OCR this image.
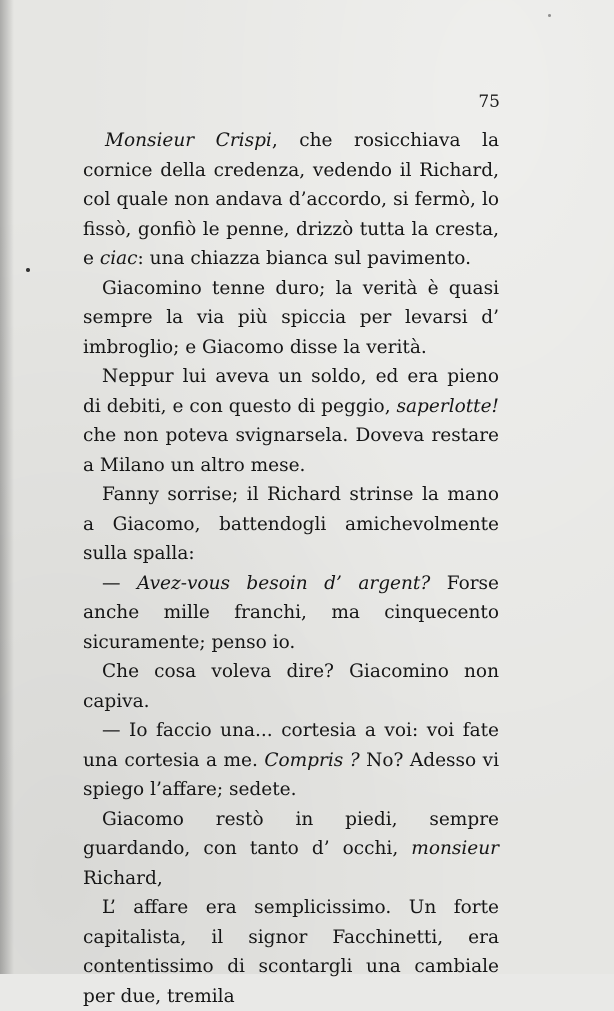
75

Monsieur Crispi, che rosicchiava la cornice della credenza, vedendo il Richard, col quale non andava d’accordo, si fermò, lo fissò, gonfiò le penne, drizzò tutta la cresta, e ciac: una chiazza bianca sul pavimento.

Giacomino tenne duro; la verità è quasi sempre la via più spiccia per levarsi d’ imbroglio; e Giacomo disse la verità.

Neppur lui aveva un soldo, ed era pieno di debiti, e con questo di peggio, saperlotte! che non poteva svignarsela. Doveva restare a Milano un altro mese.

Fanny sorrise; il Richard strinse la mano a Giacomo, battendogli amichevolmente sulla spalla:

— Avez-vous besoin d’ argent? Forse anche mille franchi, ma cinquecento sicuramente; penso io.

Che cosa voleva dire? Giacomino non capiva.

— Io faccio una... cortesia a voi: voi fate una cortesia a me. Compris ? No? Adesso vi spiego l’affare; sedete.

Giacomo restò in piedi, sempre guardando, con tanto d’ occhi, monsieur Richard,

L’ affare era semplicissimo. Un forte capitalista, il signor Facchinetti, era contentissimo di scontargli una cambiale per due, tremila
